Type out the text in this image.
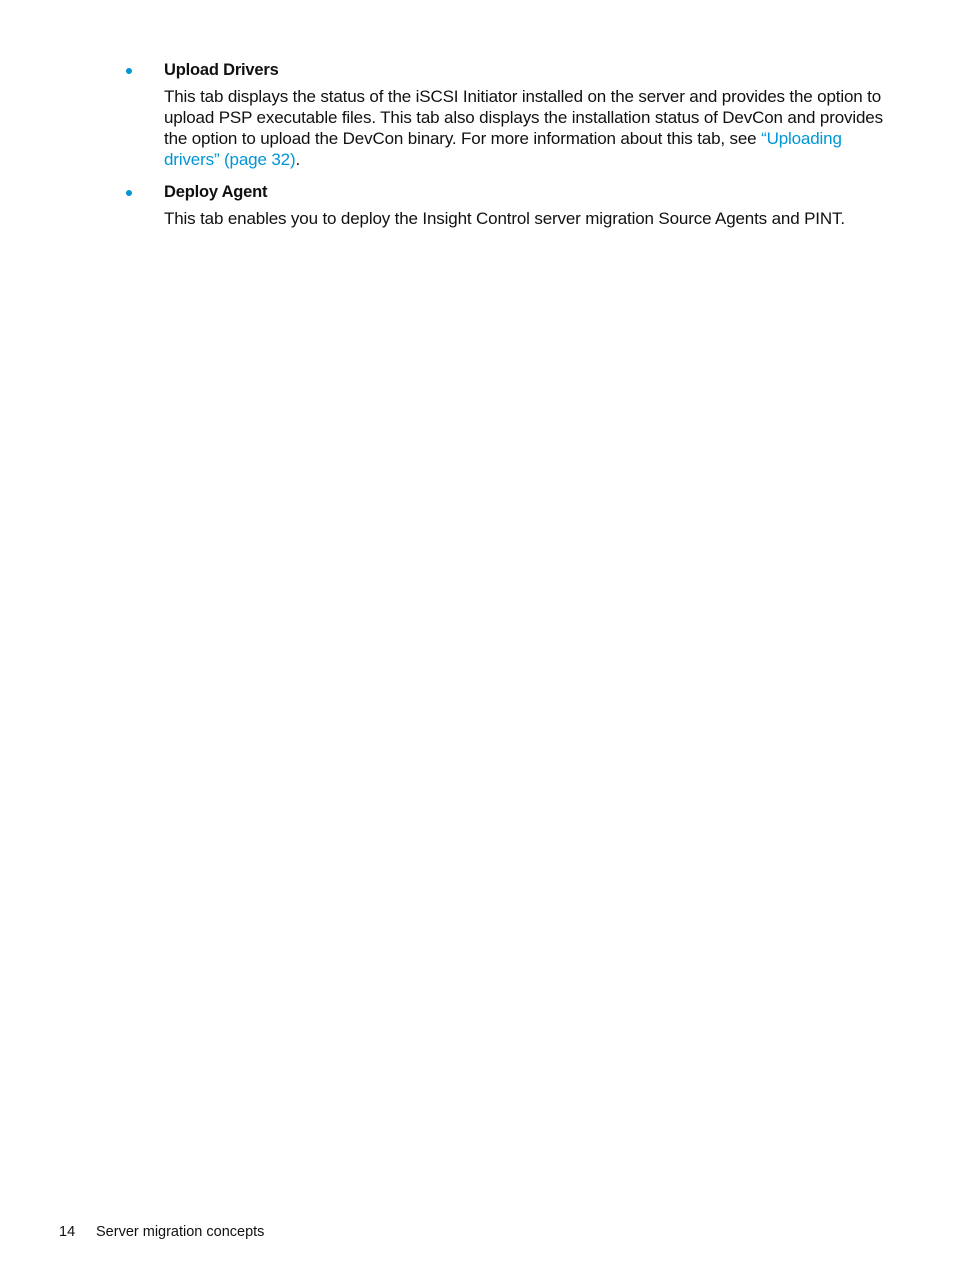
Upload Drivers
This tab displays the status of the iSCSI Initiator installed on the server and provides the option to upload PSP executable files. This tab also displays the installation status of DevCon and provides the option to upload the DevCon binary. For more information about this tab, see “Uploading drivers” (page 32).
Deploy Agent
This tab enables you to deploy the Insight Control server migration Source Agents and PINT.
14 Server migration concepts
